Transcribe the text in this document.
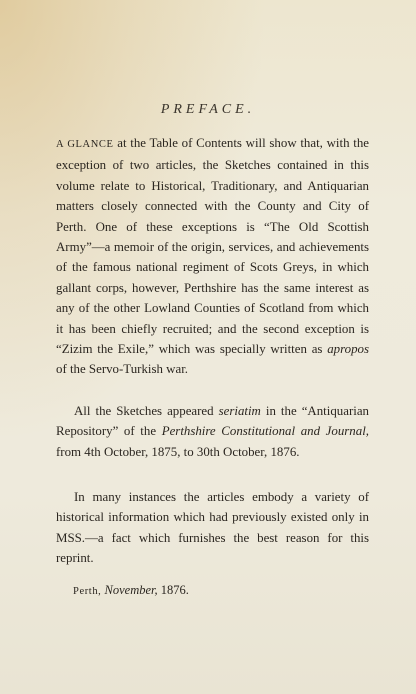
PREFACE.

A GLANCE at the Table of Contents will show that, with the exception of two articles, the Sketches contained in this volume relate to Historical, Traditionary, and Antiquarian matters closely connected with the County and City of Perth. One of these exceptions is “The Old Scottish Army”—a memoir of the origin, services, and achievements of the famous national regiment of Scots Greys, in which gallant corps, however, Perthshire has the same interest as any of the other Lowland Counties of Scotland from which it has been chiefly recruited; and the second exception is “Zizim the Exile,” which was specially written as apropos of the Servo-Turkish war.

All the Sketches appeared seriatim in the “Antiquarian Repository” of the Perthshire Constitutional and Journal, from 4th October, 1875, to 30th October, 1876.

In many instances the articles embody a variety of historical information which had previously existed only in MSS.—a fact which furnishes the best reason for this reprint.

Perth, November, 1876.
